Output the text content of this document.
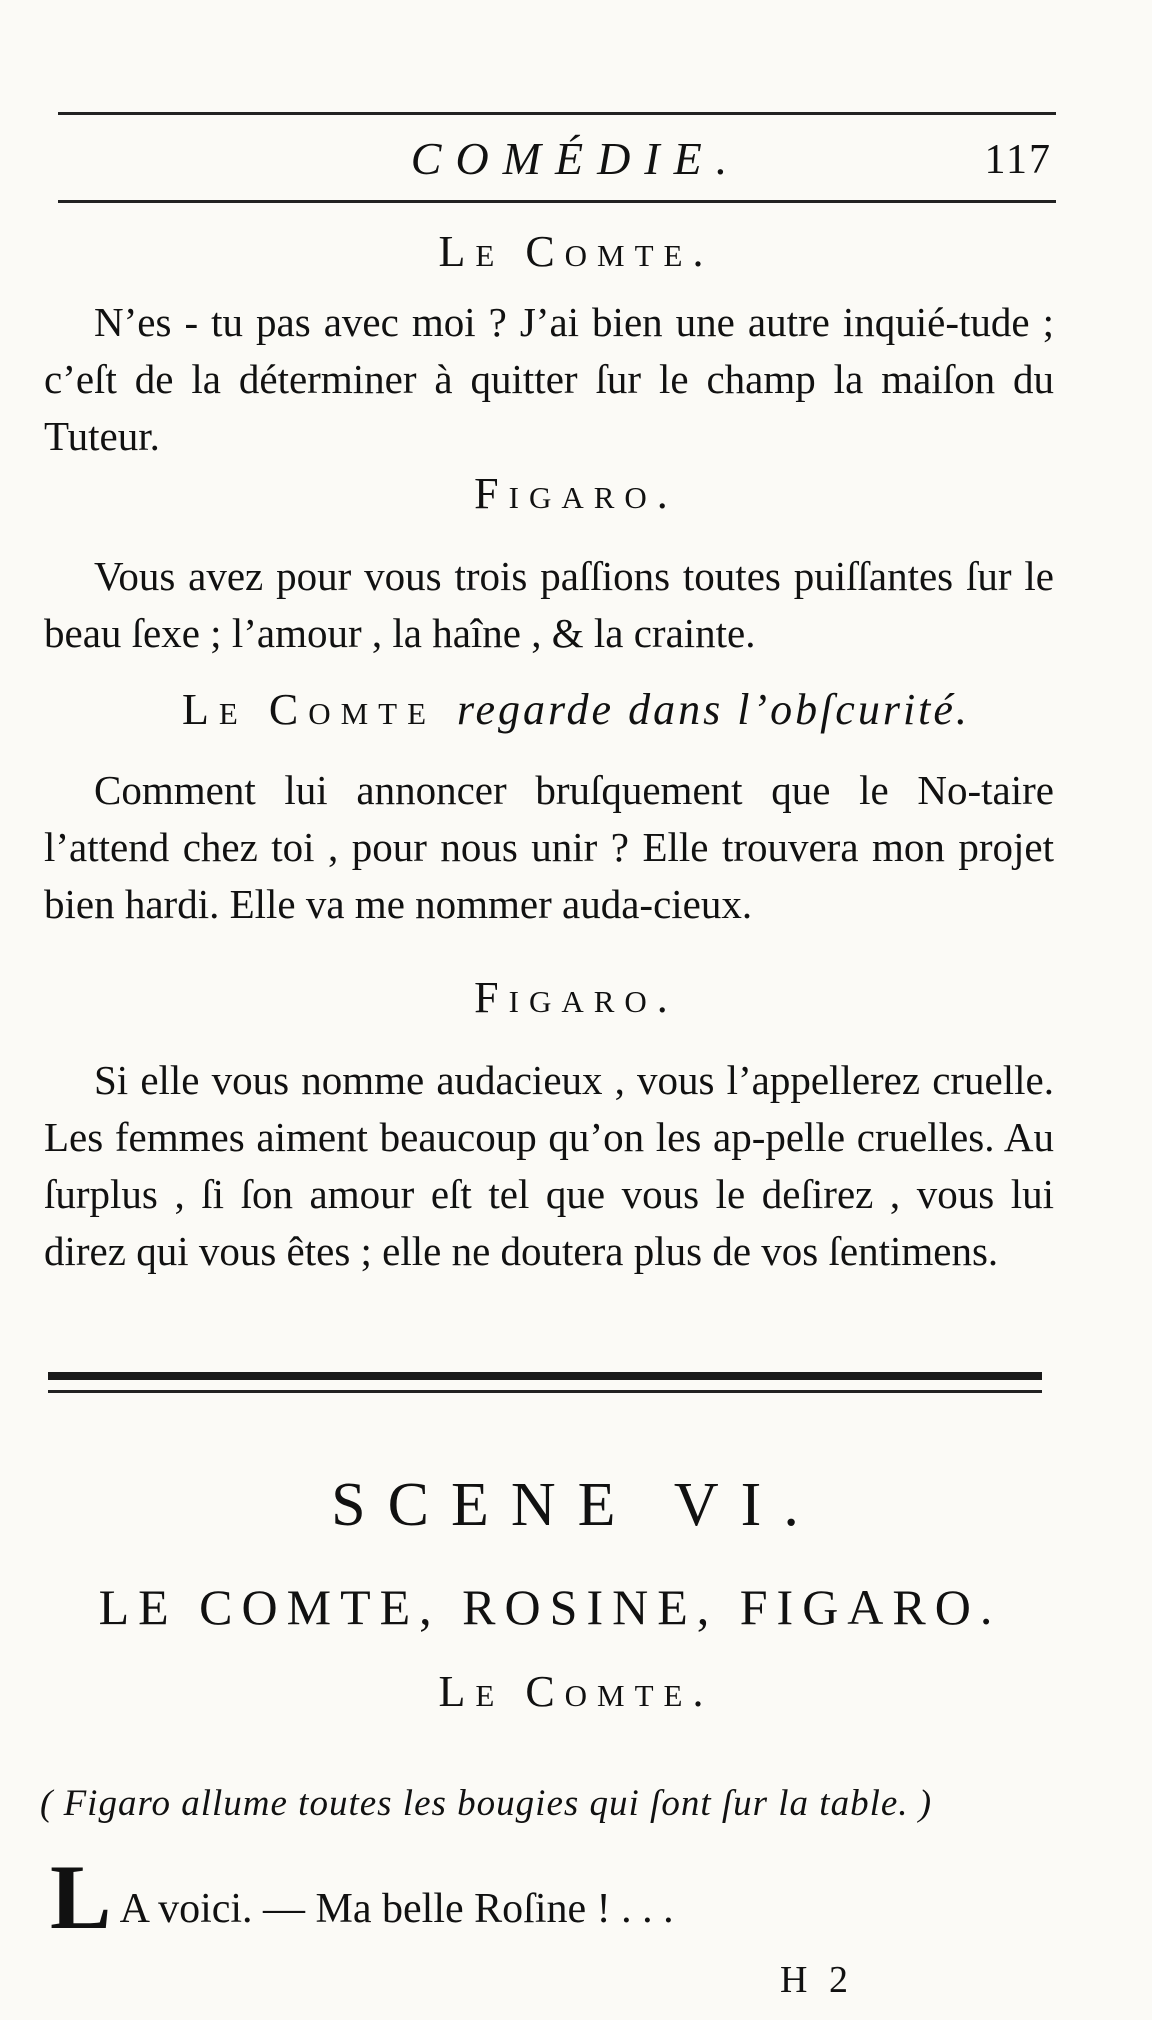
COMÉDIE.	117
Le Comte.
N’es - tu pas avec moi ? J’ai bien une autre inquié-tude ; c’eſt de la déterminer à quitter ſur le champ la maiſon du Tuteur.
Figaro.
Vous avez pour vous trois paſſions toutes puiſſantes ſur le beau ſexe ; l’amour , la haîne , & la crainte.
Le Comte regarde dans l’obſcurité.
Comment lui annoncer bruſquement que le No-taire l’attend chez toi , pour nous unir ? Elle trouvera mon projet bien hardi. Elle va me nommer auda-cieux.
Figaro.
Si elle vous nomme audacieux , vous l’appellerez cruelle. Les femmes aiment beaucoup qu’on les ap-pelle cruelles. Au ſurplus , ſi ſon amour eſt tel que vous le deſirez , vous lui direz qui vous êtes ; elle ne doutera plus de vos ſentimens.
SCENE VI.
LE COMTE, ROSINE, FIGARO.
Le Comte.
( Figaro allume toutes les bougies qui ſont ſur la table. )
L A voici. — Ma belle Roſine ! . . .
H 2
